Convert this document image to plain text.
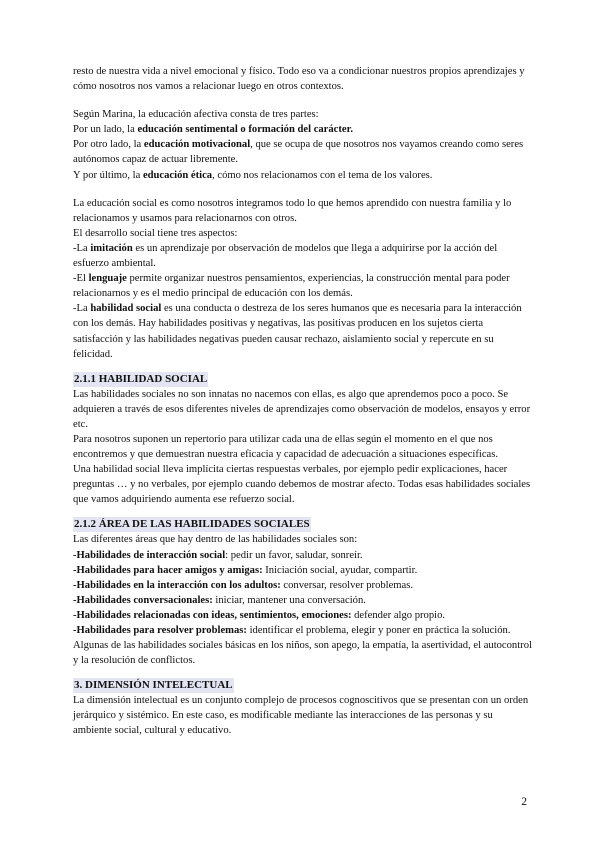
resto de nuestra vida a nivel emocional y físico. Todo eso va a condicionar nuestros propios aprendizajes y cómo nosotros nos vamos a relacionar luego en otros contextos.

Según Marina, la educación afectiva consta de tres partes:

Por un lado, la educación sentimental o formación del carácter.

Por otro lado, la educación motivacional, que se ocupa de que nosotros nos vayamos creando como seres autónomos capaz de actuar libremente.

Y por último, la educación ética, cómo nos relacionamos con el tema de los valores.

La educación social es como nosotros integramos todo lo que hemos aprendido con nuestra familia y lo relacionamos y usamos para relacionarnos con otros.

El desarrollo social tiene tres aspectos:

-La imitación es un aprendizaje por observación de modelos que llega a adquirirse por la acción del esfuerzo ambiental.

-El lenguaje permite organizar nuestros pensamientos, experiencias, la construcción mental para poder relacionarnos y es el medio principal de educación con los demás.

-La habilidad social es una conducta o destreza de los seres humanos que es necesaria para la interacción con los demás. Hay habilidades positivas y negativas, las positivas producen en los sujetos cierta satisfacción y las habilidades negativas pueden causar rechazo, aislamiento social y repercute en su felicidad.

2.1.1 HABILIDAD SOCIAL

Las habilidades sociales no son innatas no nacemos con ellas, es algo que aprendemos poco a poco. Se adquieren a través de esos diferentes niveles de aprendizajes como observación de modelos, ensayos y error etc.

Para nosotros suponen un repertorio para utilizar cada una de ellas según el momento en el que nos encontremos y que demuestran nuestra eficacia y capacidad de adecuación a situaciones específicas.

Una habilidad social lleva implícita ciertas respuestas verbales, por ejemplo pedir explicaciones, hacer preguntas … y no verbales, por ejemplo cuando debemos de mostrar afecto. Todas esas habilidades sociales que vamos adquiriendo aumenta ese refuerzo social.

2.1.2 ÁREA DE LAS HABILIDADES SOCIALES

Las diferentes áreas que hay dentro de las habilidades sociales son:

-Habilidades de interacción social: pedir un favor, saludar, sonreír.

-Habilidades para hacer amigos y amigas: Iniciación social, ayudar, compartir.

-Habilidades en la interacción con los adultos: conversar, resolver problemas.

-Habilidades conversacionales: iniciar, mantener una conversación.

-Habilidades relacionadas con ideas, sentimientos, emociones: defender algo propio.

-Habilidades para resolver problemas: identificar el problema, elegir y poner en práctica la solución.

Algunas de las habilidades sociales básicas en los niños, son apego, la empatía, la asertividad, el autocontrol y la resolución de conflictos.

3. DIMENSIÓN INTELECTUAL

La dimensión intelectual es un conjunto complejo de procesos cognoscitivos que se presentan con un orden jerárquico y sistémico. En este caso, es modificable mediante las interacciones de las personas y su ambiente social, cultural y educativo.

2
